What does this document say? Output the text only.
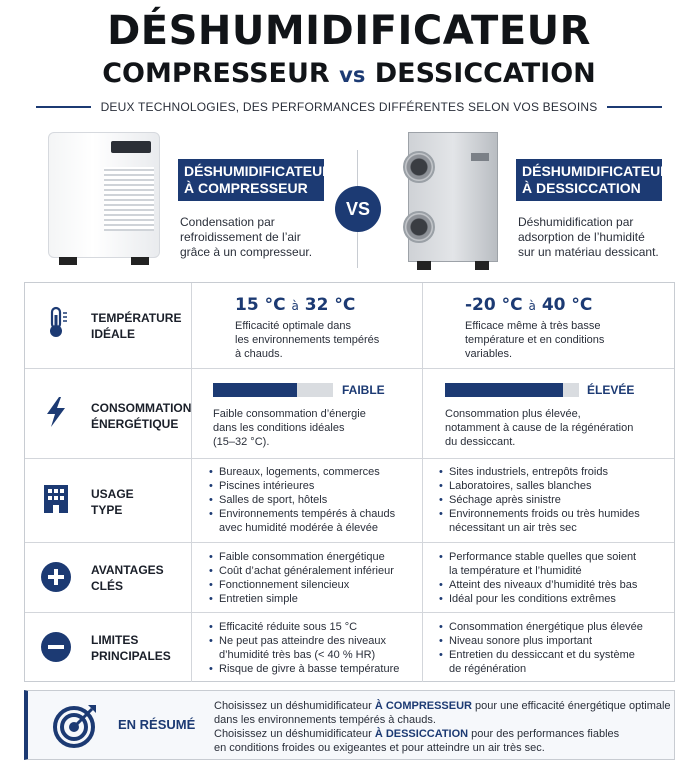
DÉSHUMIDIFICATEUR
COMPRESSEUR vs DESSICCATION
DEUX TECHNOLOGIES, DES PERFORMANCES DIFFÉRENTES SELON VOS BESOINS
DÉSHUMIDIFICATEUR
À COMPRESSEUR
Condensation par
refroidissement de l’air
grâce à un compresseur.
VS
DÉSHUMIDIFICATEUR
À DESSICCATION
Déshumidification par
adsorption de l’humidité
sur un matériau dessicant.
TEMPÉRATURE
IDÉALE
15 °C à 32 °C
Efficacité optimale dans
les environnements tempérés
à chauds.
-20 °C à 40 °C
Efficace même à très basse
température et en conditions
variables.
CONSOMMATION
ÉNERGÉTIQUE
FAIBLE
Faible consommation d’énergie
dans les conditions idéales
(15–32 °C).
ÉLEVÉE
Consommation plus élevée,
notamment à cause de la régénération
du dessiccant.
USAGE
TYPE
• Bureaux, logements, commerces
• Piscines intérieures
• Salles de sport, hôtels
• Environnements tempérés à chauds
avec humidité modérée à élevée
• Sites industriels, entrepôts froids
• Laboratoires, salles blanches
• Séchage après sinistre
• Environnements froids ou très humides
nécessitant un air très sec
AVANTAGES
CLÉS
• Faible consommation énergétique
• Coût d’achat généralement inférieur
• Fonctionnement silencieux
• Entretien simple
• Performance stable quelles que soient
la température et l’humidité
• Atteint des niveaux d’humidité très bas
• Idéal pour les conditions extrêmes
LIMITES
PRINCIPALES
• Efficacité réduite sous 15 °C
• Ne peut pas atteindre des niveaux
d’humidité très bas (< 40 % HR)
• Risque de givre à basse température
• Consommation énergétique plus élevée
• Niveau sonore plus important
• Entretien du dessiccant et du système
de régénération
EN RÉSUMÉ
Choisissez un déshumidificateur À COMPRESSEUR pour une efficacité énergétique optimale
dans les environnements tempérés à chauds.
Choisissez un déshumidificateur À DESSICCATION pour des performances fiables
en conditions froides ou exigeantes et pour atteindre un air très sec.
